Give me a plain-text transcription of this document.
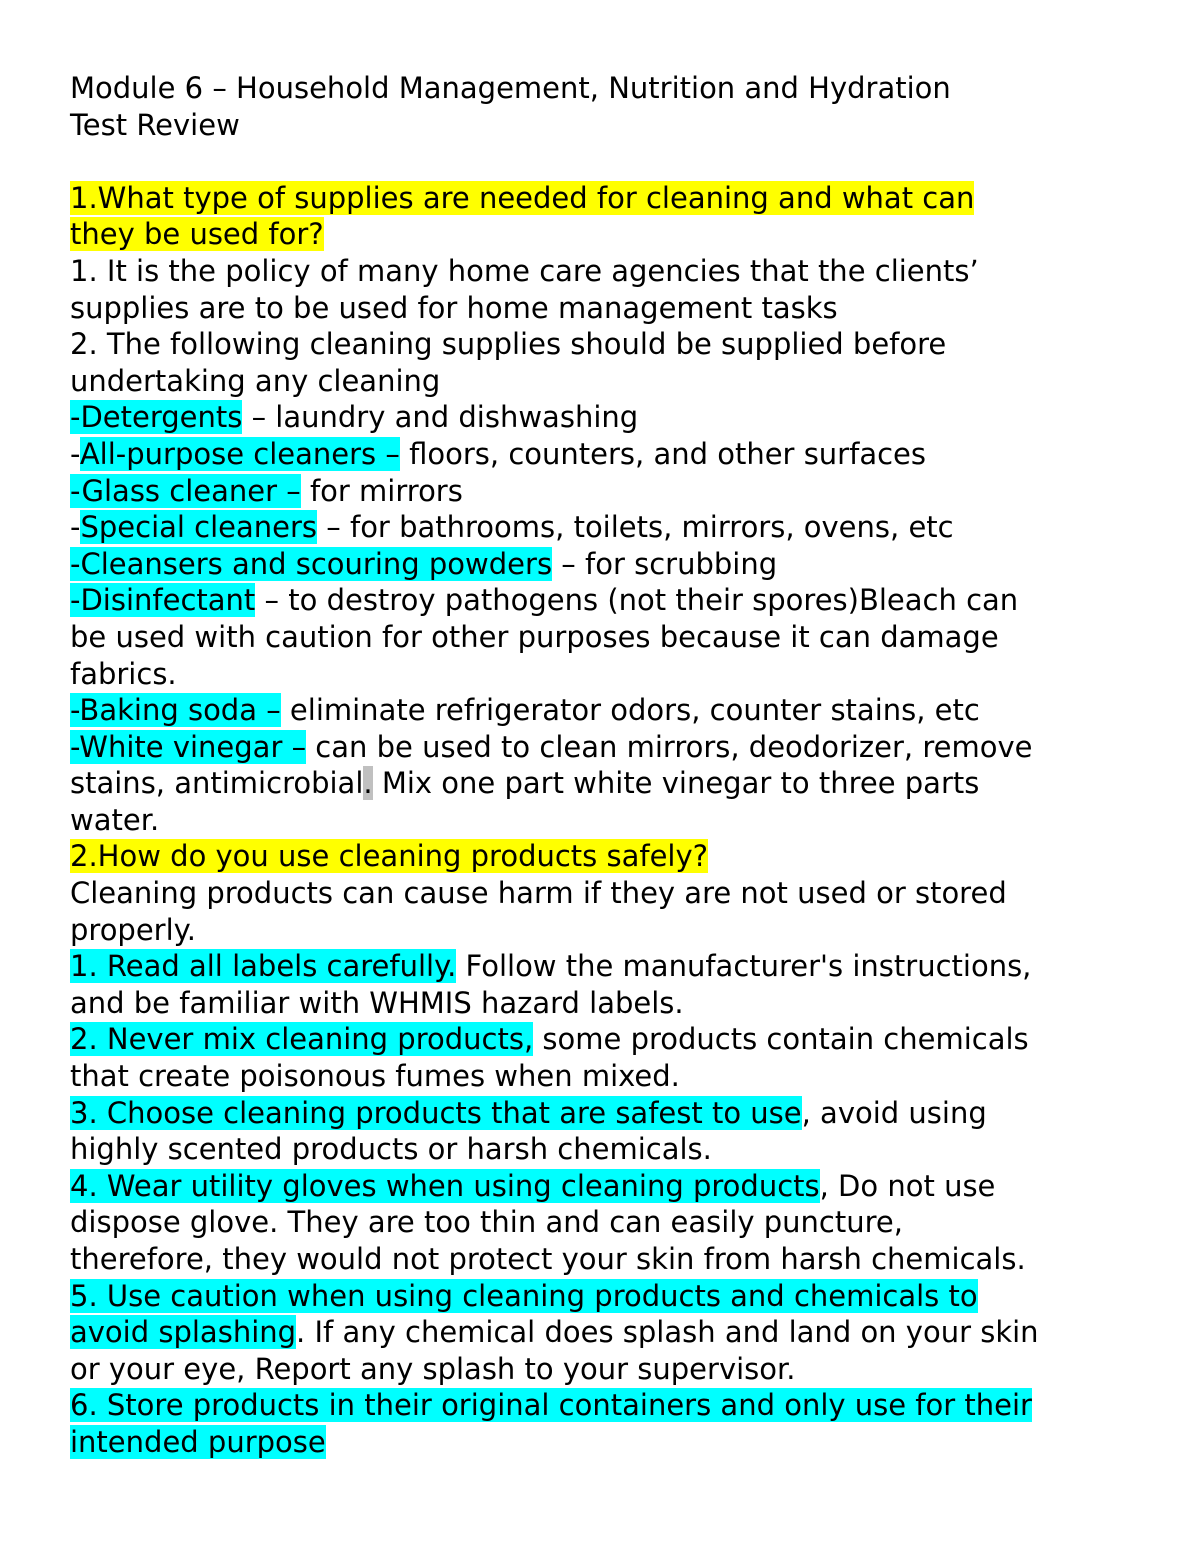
Module 6 – Household Management, Nutrition and Hydration
Test Review
1.What type of supplies are needed for cleaning and what can
they be used for?
1. It is the policy of many home care agencies that the clients’
supplies are to be used for home management tasks
2. The following cleaning supplies should be supplied before
undertaking any cleaning
-Detergents – laundry and dishwashing
-All-purpose cleaners – floors, counters, and other surfaces
-Glass cleaner – for mirrors
-Special cleaners – for bathrooms, toilets, mirrors, ovens, etc
-Cleansers and scouring powders – for scrubbing
-Disinfectant – to destroy pathogens (not their spores)Bleach can
be used with caution for other purposes because it can damage
fabrics.
-Baking soda – eliminate refrigerator odors, counter stains, etc
-White vinegar – can be used to clean mirrors, deodorizer, remove
stains, antimicrobial. Mix one part white vinegar to three parts
water.
2.How do you use cleaning products safely?
Cleaning products can cause harm if they are not used or stored
properly.
1. Read all labels carefully. Follow the manufacturer's instructions,
and be familiar with WHMIS hazard labels.
2. Never mix cleaning products, some products contain chemicals
that create poisonous fumes when mixed.
3. Choose cleaning products that are safest to use, avoid using
highly scented products or harsh chemicals.
4. Wear utility gloves when using cleaning products, Do not use
dispose glove. They are too thin and can easily puncture,
therefore, they would not protect your skin from harsh chemicals.
5. Use caution when using cleaning products and chemicals to
avoid splashing. If any chemical does splash and land on your skin
or your eye, Report any splash to your supervisor.
6. Store products in their original containers and only use for their
intended purpose
